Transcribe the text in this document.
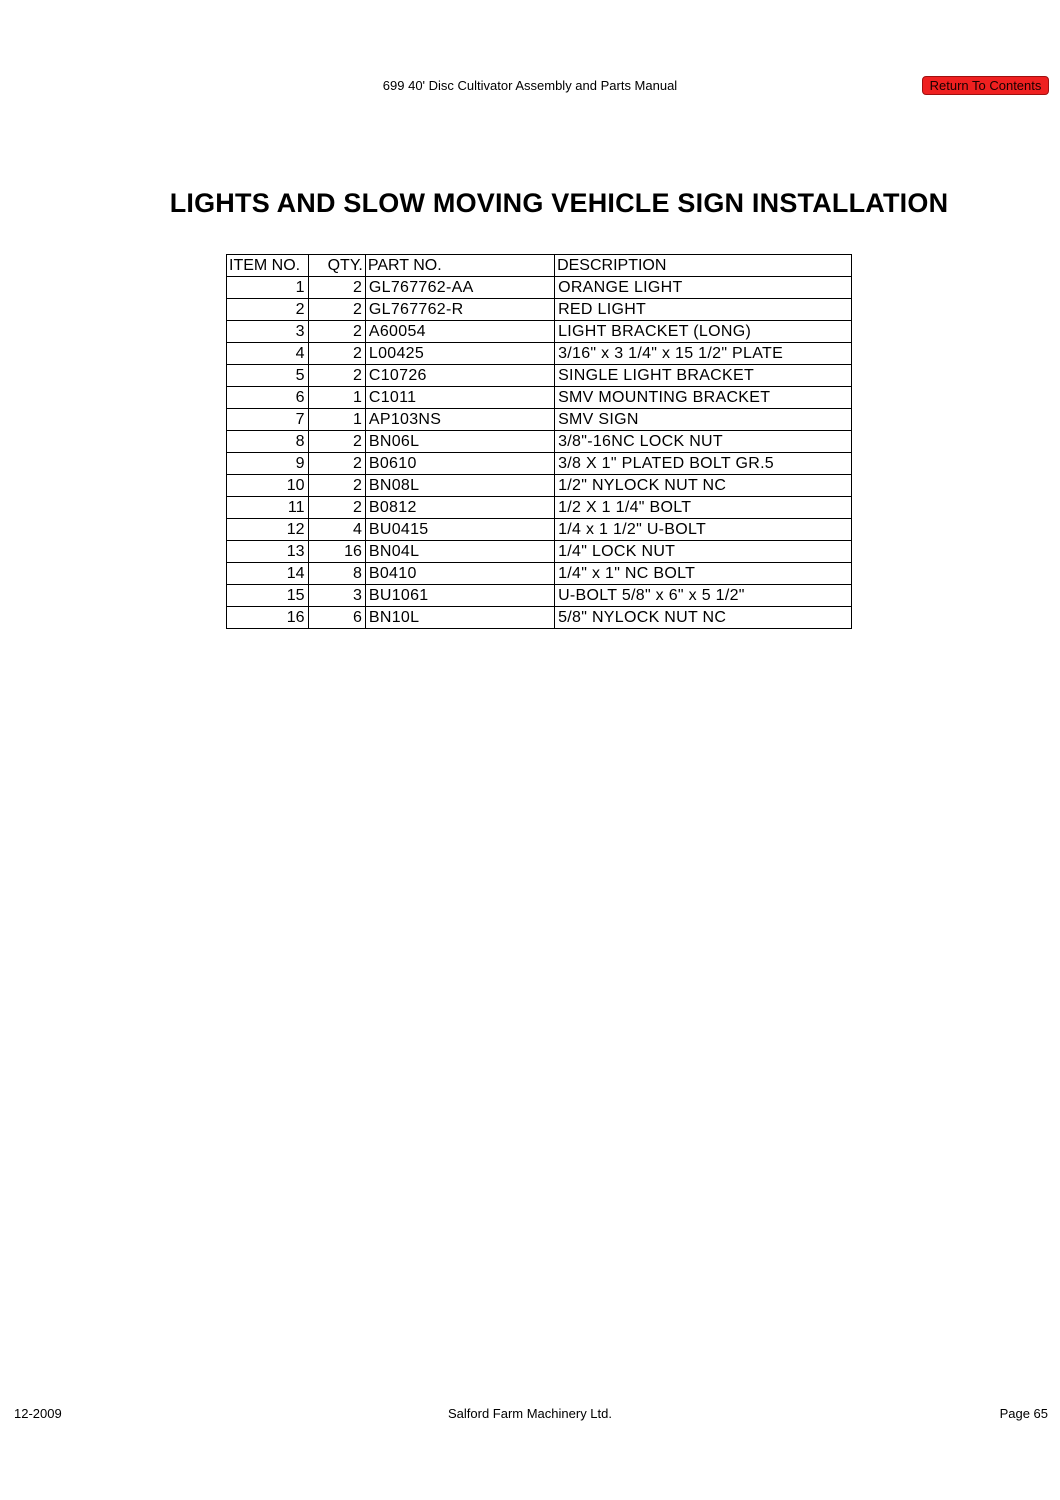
699 40' Disc Cultivator Assembly and Parts Manual	Return To Contents
LIGHTS AND SLOW MOVING VEHICLE SIGN INSTALLATION
ITEM NO.	QTY.	PART NO.	DESCRIPTION
1	2	GL767762-AA	ORANGE LIGHT
2	2	GL767762-R	RED LIGHT
3	2	A60054	LIGHT BRACKET (LONG)
4	2	L00425	3/16" x 3 1/4" x 15 1/2" PLATE
5	2	C10726	SINGLE LIGHT BRACKET
6	1	C1011	SMV MOUNTING BRACKET
7	1	AP103NS	SMV SIGN
8	2	BN06L	3/8"-16NC LOCK NUT
9	2	B0610	3/8 X 1" PLATED BOLT GR.5
10	2	BN08L	1/2" NYLOCK NUT NC
11	2	B0812	1/2 X 1 1/4" BOLT
12	4	BU0415	1/4 x 1 1/2" U-BOLT
13	16	BN04L	1/4" LOCK NUT
14	8	B0410	1/4" x 1" NC BOLT
15	3	BU1061	U-BOLT 5/8" x 6" x 5 1/2"
16	6	BN10L	5/8" NYLOCK NUT NC
12-2009	Salford Farm Machinery Ltd.	Page 65
